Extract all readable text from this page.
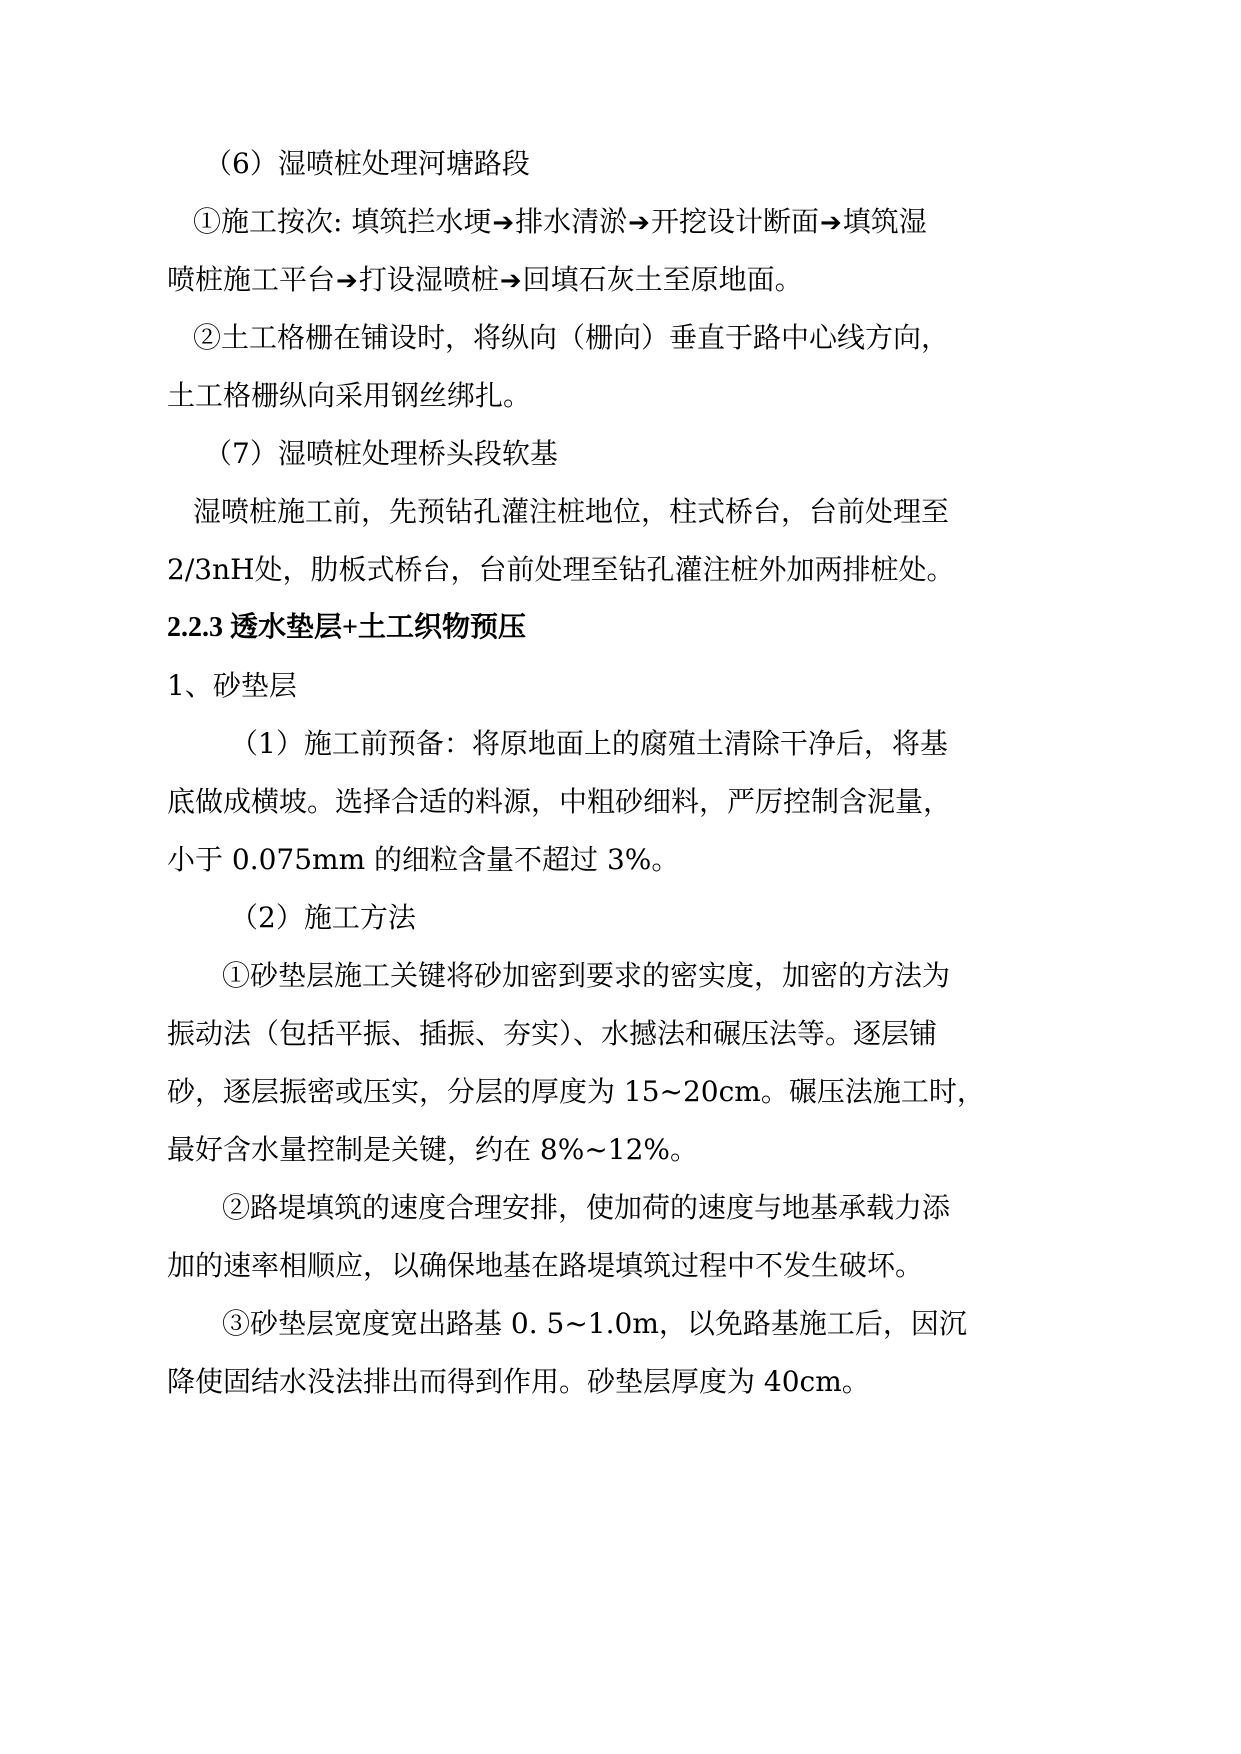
（6）湿喷桩处理河塘路段
①施工按次: 填筑拦水埂➔排水清淤➔开挖设计断面➔填筑湿
喷桩施工平台➔打设湿喷桩➔回填石灰土至原地面。
②土工格栅在铺设时，将纵向（栅向）垂直于路中心线方向，
土工格栅纵向采用钢丝绑扎。
（7）湿喷桩处理桥头段软基
湿喷桩施工前，先预钻孔灌注桩地位，柱式桥台，台前处理至
2/3nH处，肋板式桥台，台前处理至钻孔灌注桩外加两排桩处。
2.2.3 透水垫层+土工织物预压
1、砂垫层
（1）施工前预备：将原地面上的腐殖土清除干净后，将基
底做成横坡。选择合适的料源，中粗砂细料，严厉控制含泥量，
小于 0.075mm 的细粒含量不超过 3%。
（2）施工方法
①砂垫层施工关键将砂加密到要求的密实度，加密的方法为
振动法（包括平振、插振、夯实）、水撼法和碾压法等。逐层铺
砂，逐层振密或压实，分层的厚度为 15~20cm。碾压法施工时，
最好含水量控制是关键，约在 8%~12%。
②路堤填筑的速度合理安排，使加荷的速度与地基承载力添
加的速率相顺应，以确保地基在路堤填筑过程中不发生破坏。
③砂垫层宽度宽出路基 0. 5~1.0m，以免路基施工后，因沉
降使固结水没法排出而得到作用。砂垫层厚度为 40cm。
